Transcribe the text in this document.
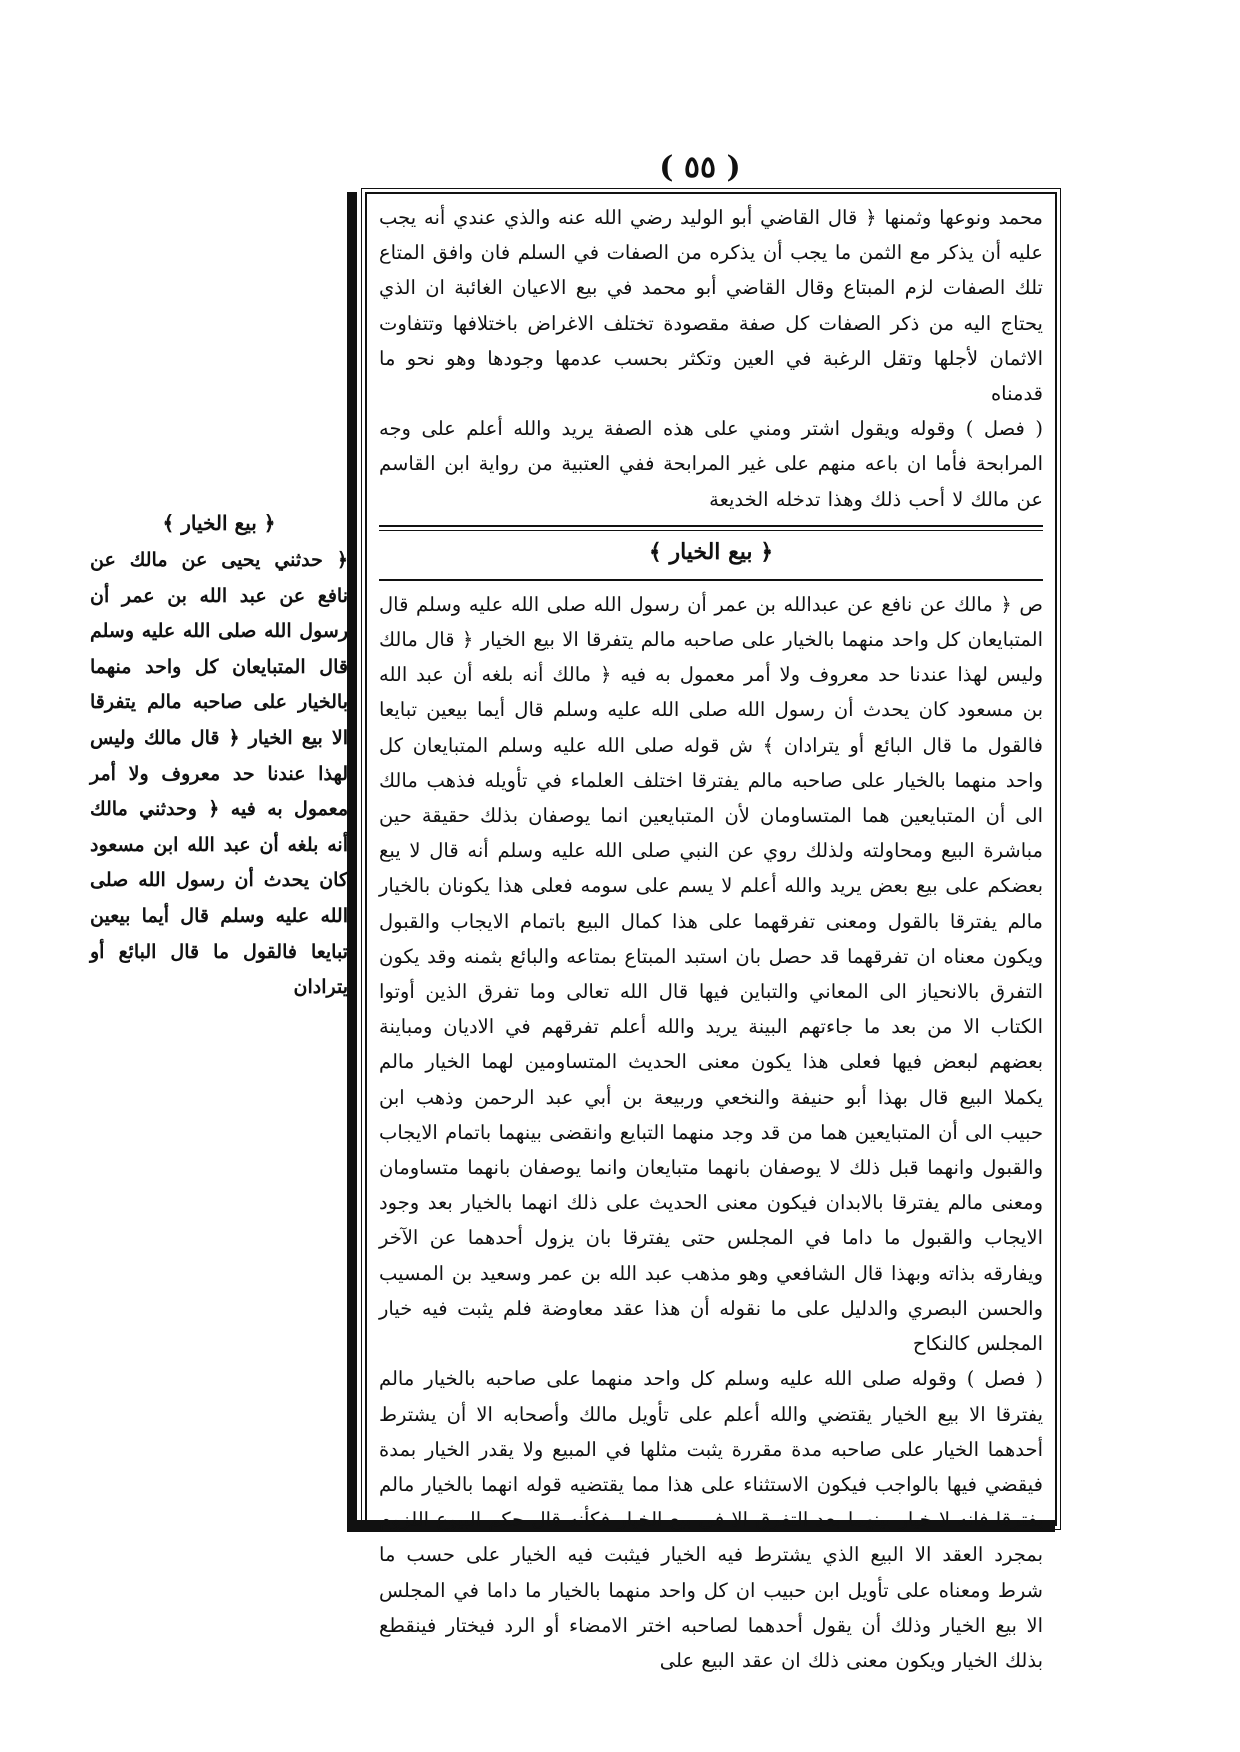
( ٥٥ )

محمد ونوعها وثمنها ﴿ قال القاضي أبو الوليد رضي الله عنه والذي عندي أنه يجب عليه أن يذكر مع الثمن ما يجب أن يذكره من الصفات في السلم فان وافق المتاع تلك الصفات لزم المبتاع وقال القاضي أبو محمد في بيع الاعيان الغائبة ان الذي يحتاج اليه من ذكر الصفات كل صفة مقصودة تختلف الاغراض باختلافها وتتفاوت الاثمان لأجلها وتقل الرغبة في العين وتكثر بحسب عدمها وجودها وهو نحو ما قدمناه

( فصل ) وقوله ويقول اشتر ومني على هذه الصفة يريد والله أعلم على وجه المرابحة فأما ان باعه منهم على غير المرابحة ففي العتبية من رواية ابن القاسم عن مالك لا أحب ذلك وهذا تدخله الخديعة

﴿ بيع الخيار ﴾

ص ﴿ مالك عن نافع عن عبدالله بن عمر أن رسول الله صلى الله عليه وسلم قال المتبايعان كل واحد منهما بالخيار على صاحبه مالم يتفرقا الا بيع الخيار ﴿ قال مالك وليس لهذا عندنا حد معروف ولا أمر معمول به فيه ﴿ مالك أنه بلغه أن عبد الله بن مسعود كان يحدث أن رسول الله صلى الله عليه وسلم قال أيما بيعين تبايعا فالقول ما قال البائع أو يترادان ﴾ ش قوله صلى الله عليه وسلم المتبايعان كل واحد منهما بالخيار على صاحبه مالم يفترقا اختلف العلماء في تأويله فذهب مالك الى أن المتبايعين هما المتساومان لأن المتبايعين انما يوصفان بذلك حقيقة حين مباشرة البيع ومحاولته ولذلك روي عن النبي صلى الله عليه وسلم أنه قال لا يبع بعضكم على بيع بعض يريد والله أعلم لا يسم على سومه فعلى هذا يكونان بالخيار مالم يفترقا بالقول ومعنى تفرقهما على هذا كمال البيع باتمام الايجاب والقبول ويكون معناه ان تفرقهما قد حصل بان استبد المبتاع بمتاعه والبائع بثمنه وقد يكون التفرق بالانحياز الى المعاني والتباين فيها قال الله تعالى وما تفرق الذين أوتوا الكتاب الا من بعد ما جاءتهم البينة يريد والله أعلم تفرقهم في الاديان ومباينة بعضهم لبعض فيها فعلى هذا يكون معنى الحديث المتساومين لهما الخيار مالم يكملا البيع قال بهذا أبو حنيفة والنخعي وربيعة بن أبي عبد الرحمن وذهب ابن حبيب الى أن المتبايعين هما من قد وجد منهما التبايع وانقضى بينهما باتمام الايجاب والقبول وانهما قبل ذلك لا يوصفان بانهما متبايعان وانما يوصفان بانهما متساومان ومعنى مالم يفترقا بالابدان فيكون معنى الحديث على ذلك انهما بالخيار بعد وجود الايجاب والقبول ما داما في المجلس حتى يفترقا بان يزول أحدهما عن الآخر ويفارقه بذاته وبهذا قال الشافعي وهو مذهب عبد الله بن عمر وسعيد بن المسيب والحسن البصري والدليل على ما نقوله أن هذا عقد معاوضة فلم يثبت فيه خيار المجلس كالنكاح

( فصل ) وقوله صلى الله عليه وسلم كل واحد منهما على صاحبه بالخيار مالم يفترقا الا بيع الخيار يقتضي والله أعلم على تأويل مالك وأصحابه الا أن يشترط أحدهما الخيار على صاحبه مدة مقررة يثبت مثلها في المبيع ولا يقدر الخيار بمدة فيقضي فيها بالواجب فيكون الاستثناء على هذا مما يقتضيه قوله انهما بالخيار مالم يفترقا فانه لا خيار بينهما بعد التفرق الا في بيع الخيار فكأنه قال حكم البيوع اللزوم بمجرد العقد الا البيع الذي يشترط فيه الخيار فيثبت فيه الخيار على حسب ما شرط ومعناه على تأويل ابن حبيب ان كل واحد منهما بالخيار ما داما في المجلس الا بيع الخيار وذلك أن يقول أحدهما لصاحبه اختر الامضاء أو الرد فيختار فينقطع بذلك الخيار ويكون معنى ذلك ان عقد البيع على

﴿ بيع الخيار ﴾

﴿ حدثني يحيى عن مالك عن نافع عن عبد الله بن عمر أن رسول الله صلى الله عليه وسلم قال المتبايعان كل واحد منهما بالخيار على صاحبه مالم يتفرقا الا بيع الخيار ﴿ قال مالك وليس لهذا عندنا حد معروف ولا أمر معمول به فيه ﴿ وحدثني مالك أنه بلغه أن عبد الله ابن مسعود كان يحدث أن رسول الله صلى الله عليه وسلم قال أيما بيعين تبايعا فالقول ما قال البائع أو يترادان
